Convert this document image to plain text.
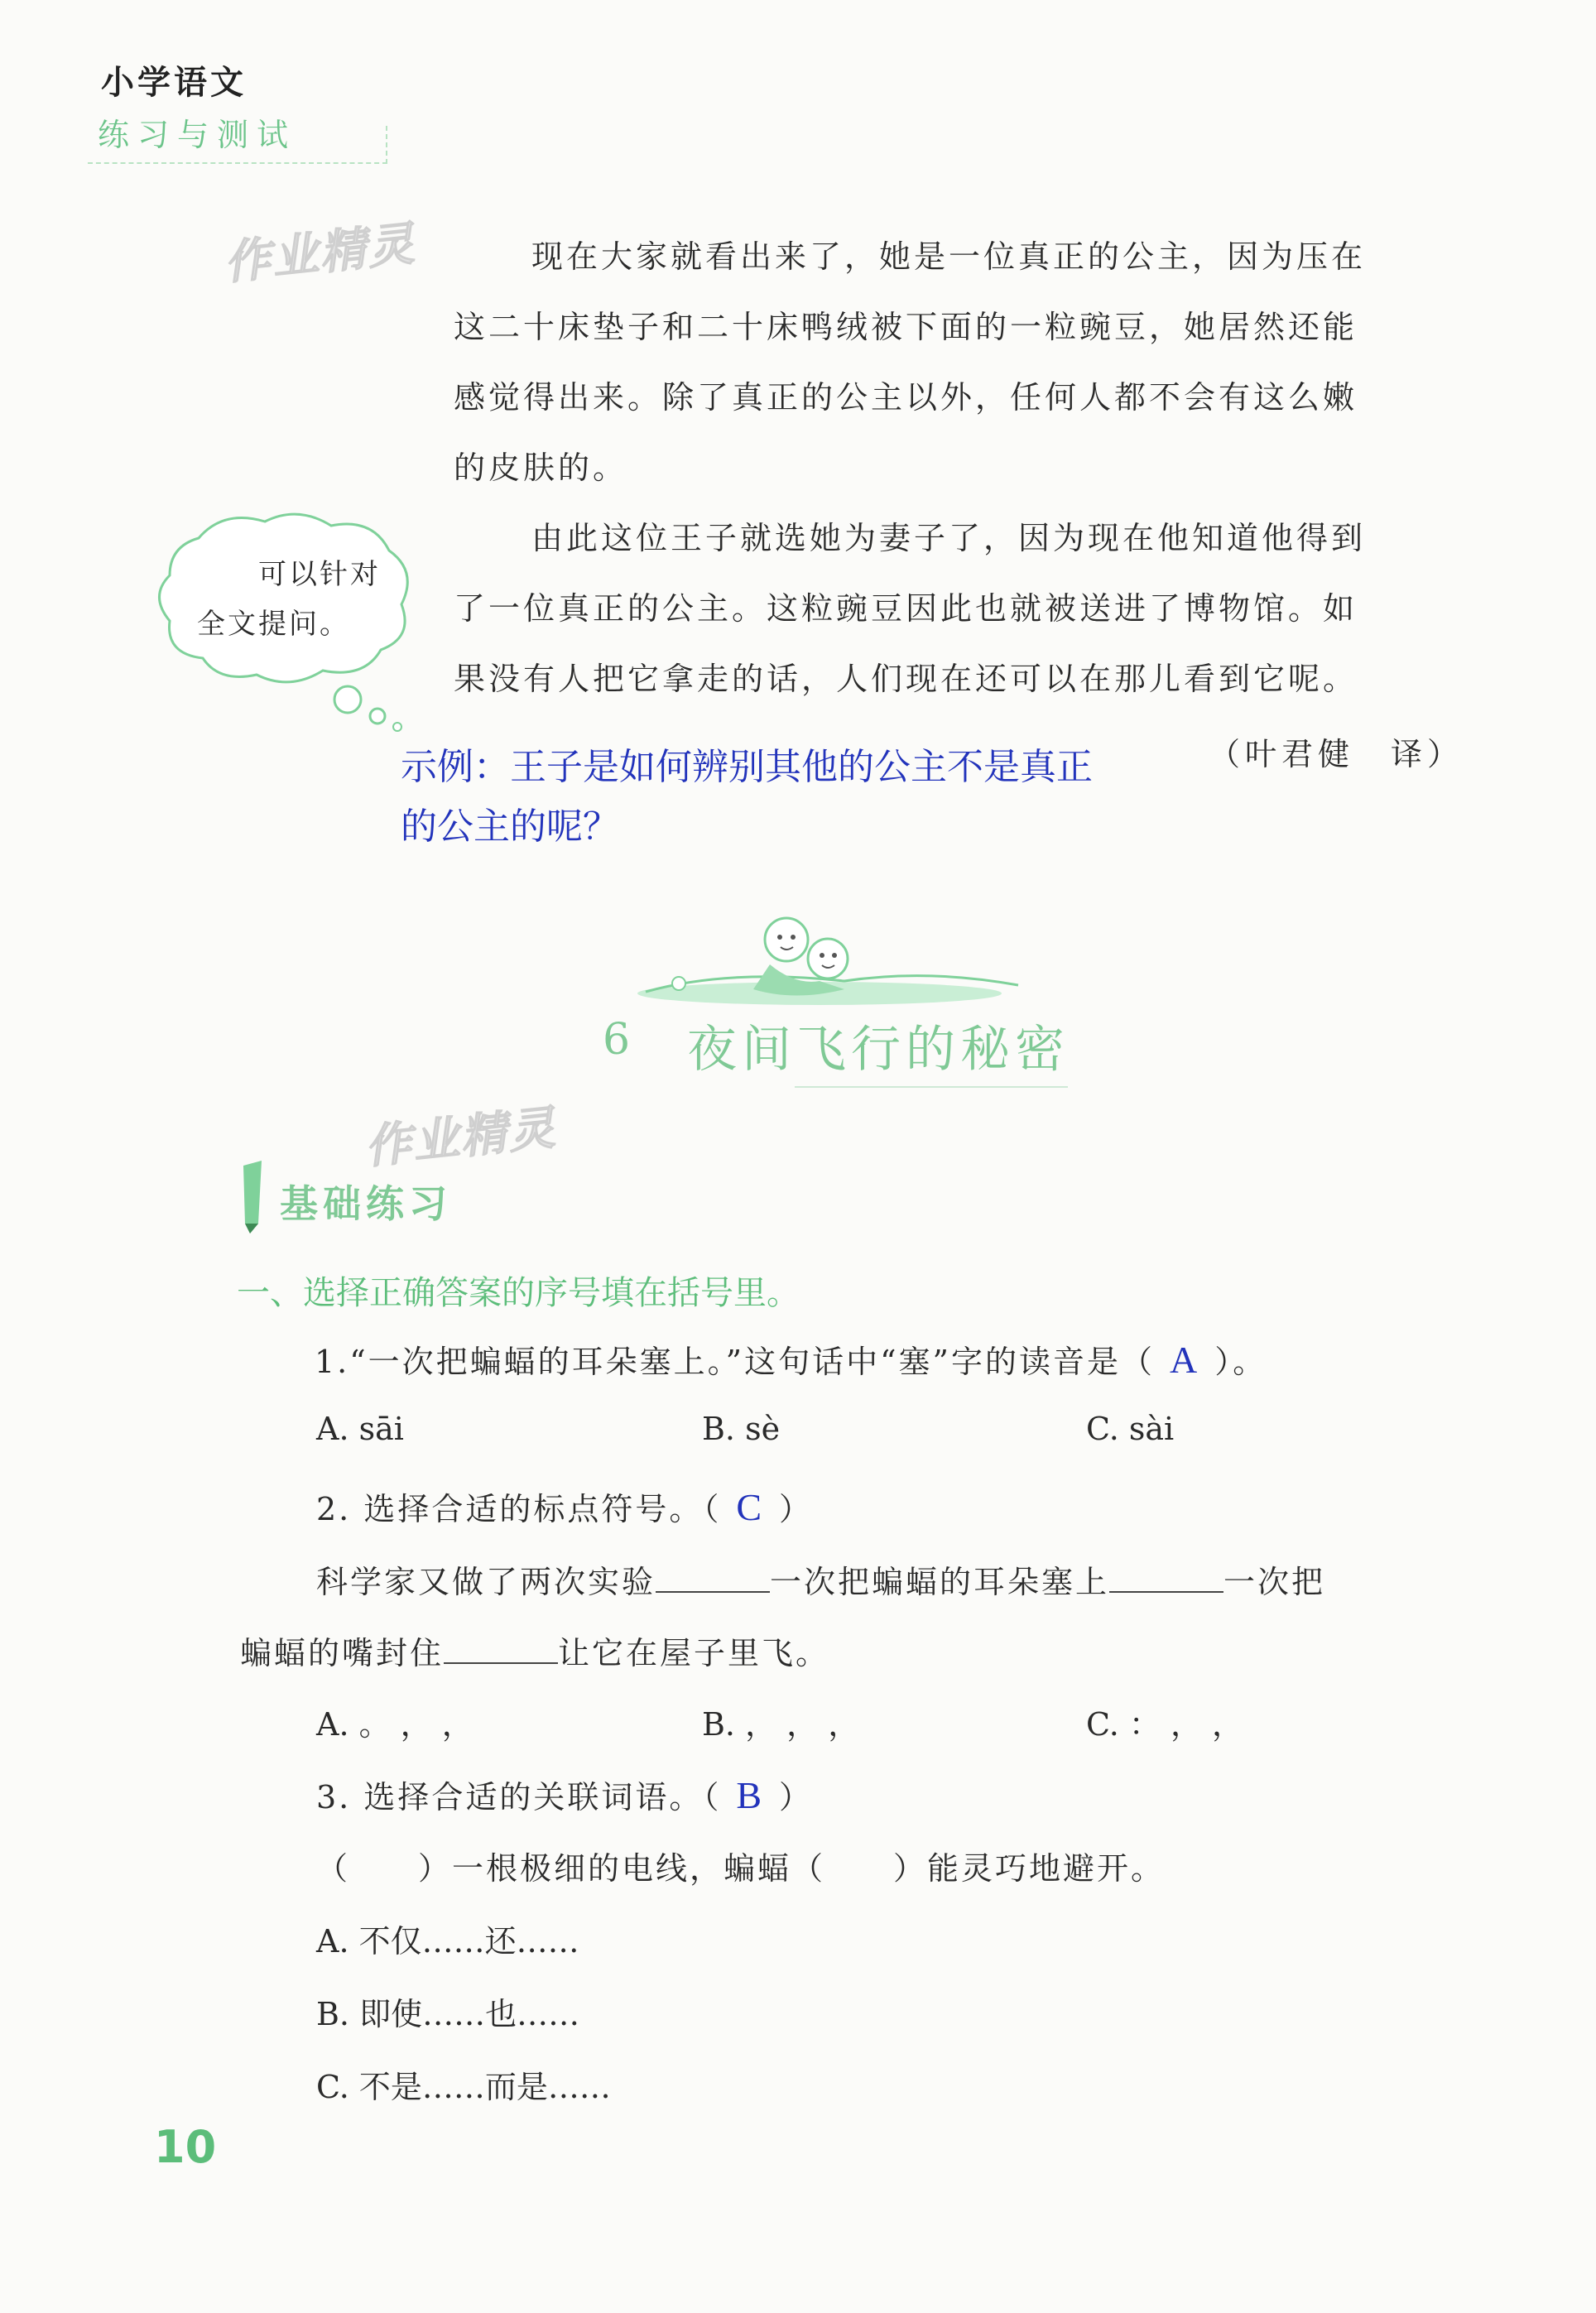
小学语文
练习与测试
作业精灵	现在大家就看出来了，她是一位真正的公主，因为压在
这二十床垫子和二十床鸭绒被下面的一粒豌豆，她居然还能
感觉得出来。除了真正的公主以外，任何人都不会有这么嫩
的皮肤的。
由此这位王子就选她为妻子了，因为现在他知道他得到
了一位真正的公主。这粒豌豆因此也就被送进了博物馆。如
果没有人把它拿走的话，人们现在还可以在那儿看到它呢。
（叶君健　译）
可以针对
全文提问。
示例：王子是如何辨别其他的公主不是真正
的公主的呢？
6 夜间飞行的秘密
作业精灵
基础练习
一、选择正确答案的序号填在括号里。
1.“一次把蝙蝠的耳朵塞上。”这句话中“塞”字的读音是（ A ）。
A. sāi	B. sè	C. sài
2. 选择合适的标点符号。（ C ）
科学家又做了两次实验	一次把蝙蝠的耳朵塞上	一次把
蝙蝠的嘴封住	让它在屋子里飞。
A. 。 ， ，	B. ， ， ，	C. ： ， ，
3. 选择合适的关联词语。（ B ）
（　　）一根极细的电线，蝙蝠（　　）能灵巧地避开。
A. 不仅……还……
B. 即使……也……
C. 不是……而是……
10
